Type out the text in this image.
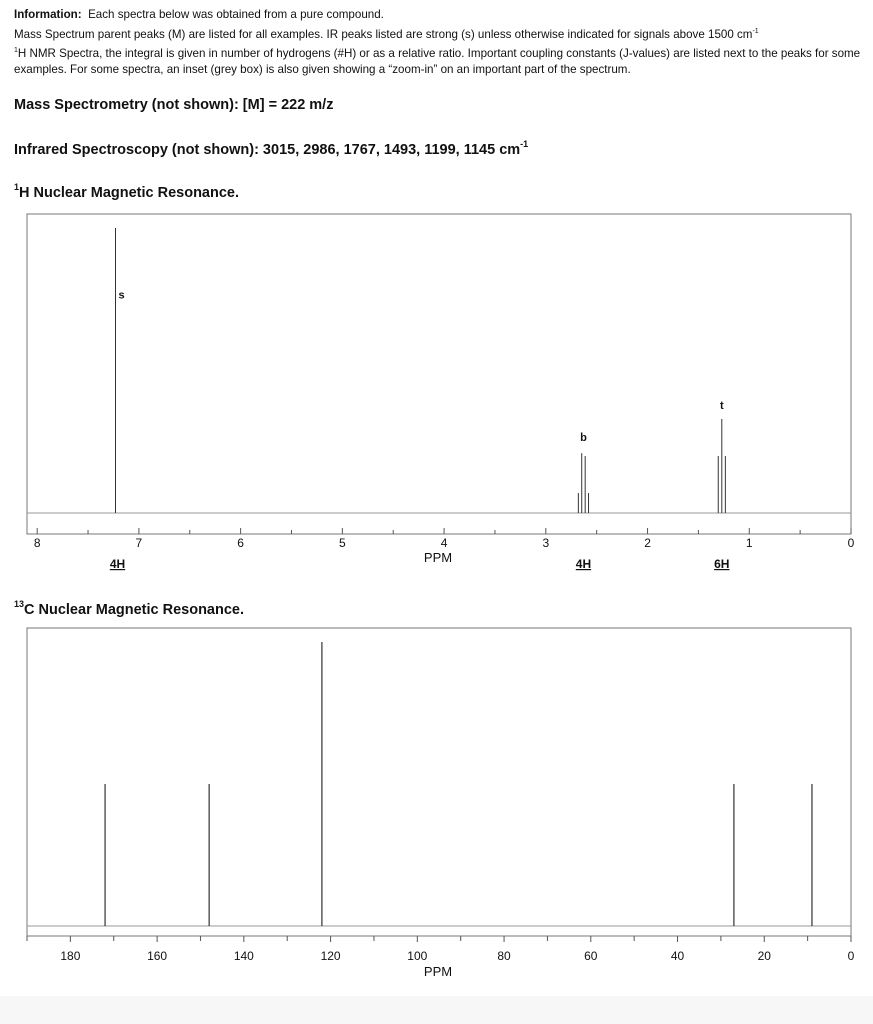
Information: Each spectra below was obtained from a pure compound.

Mass Spectrum parent peaks (M) are listed for all examples. IR peaks listed are strong (s) unless otherwise indicated for signals above 1500 $cm^{-1}$

$^1$H NMR Spectra, the integral is given in number of hydrogens (#H) or as a relative ratio. Important coupling constants (J-values) are listed next to the peaks for some examples. For some spectra, an inset (grey box) is also given showing a “zoom-in” on an important part of the spectrum.

Mass Spectrometry (not shown): [M] = 222 m/z
Infrared Spectroscopy (not shown): 3015, 2986, 1767, 1493, 1199, 1145 $cm^{-1}$
$^1$H Nuclear Magnetic Resonance.
8	7	6	5	4	3	2	1	0
s
4H
q
4H
t
6H
PPM
$^{13}$C Nuclear Magnetic Resonance.
180	160	140	120	100	80	60	40	20	0
PPM
